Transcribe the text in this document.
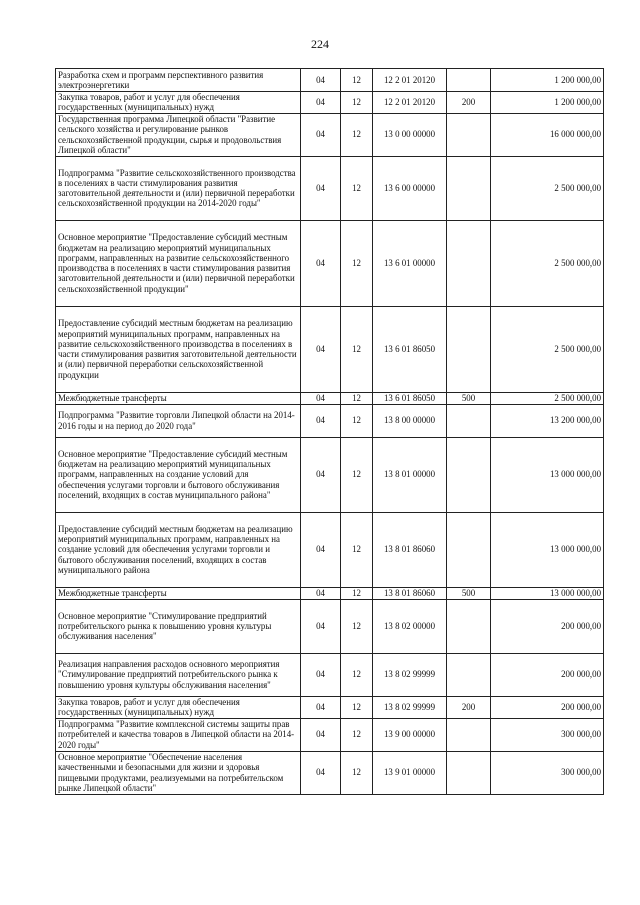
224
Разработка схем и программ перспективного развития электроэнергетики	04	12	12 2 01 20120		1 200 000,00
Закупка товаров, работ и услуг для обеспечения государственных (муниципальных) нужд	04	12	12 2 01 20120	200	1 200 000,00
Государственная программа Липецкой области "Развитие сельского хозяйства и регулирование рынков сельскохозяйственной продукции, сырья и продовольствия Липецкой области"	04	12	13 0 00 00000		16 000 000,00
Подпрограмма "Развитие сельскохозяйственного производства в поселениях в части стимулирования развития заготовительной деятельности и (или) первичной переработки сельскохозяйственной продукции на 2014-2020 годы"	04	12	13 6 00 00000		2 500 000,00
Основное мероприятие "Предоставление субсидий местным бюджетам на реализацию мероприятий муниципальных программ, направленных на развитие сельскохозяйственного производства в поселениях в части стимулирования развития заготовительной деятельности и (или) первичной переработки сельскохозяйственной продукции"	04	12	13 6 01 00000		2 500 000,00
Предоставление субсидий местным бюджетам на реализацию мероприятий муниципальных программ, направленных на развитие сельскохозяйственного производства в поселениях в части стимулирования развития заготовительной деятельности и (или) первичной переработки сельскохозяйственной продукции	04	12	13 6 01 86050		2 500 000,00
Межбюджетные трансферты	04	12	13 6 01 86050	500	2 500 000,00
Подпрограмма "Развитие торговли Липецкой области на 2014-2016 годы и на период до 2020 года"	04	12	13 8 00 00000		13 200 000,00
Основное мероприятие "Предоставление субсидий местным бюджетам на реализацию мероприятий муниципальных программ, направленных на создание условий для обеспечения услугами торговли и бытового обслуживания поселений, входящих в состав муниципального района"	04	12	13 8 01 00000		13 000 000,00
Предоставление субсидий местным бюджетам на реализацию мероприятий муниципальных программ, направленных на создание условий для обеспечения услугами торговли и бытового обслуживания поселений, входящих в состав муниципального района	04	12	13 8 01 86060		13 000 000,00
Межбюджетные трансферты	04	12	13 8 01 86060	500	13 000 000,00
Основное мероприятие "Стимулирование предприятий потребительского рынка к повышению уровня культуры обслуживания населения"	04	12	13 8 02 00000		200 000,00
Реализация направления расходов основного мероприятия "Стимулирование предприятий потребительского рынка к повышению уровня культуры обслуживания населения"	04	12	13 8 02 99999		200 000,00
Закупка товаров, работ и услуг для обеспечения государственных (муниципальных) нужд	04	12	13 8 02 99999	200	200 000,00
Подпрограмма "Развитие комплексной системы защиты прав потребителей и качества товаров в Липецкой области на 2014-2020 годы"	04	12	13 9 00 00000		300 000,00
Основное мероприятие "Обеспечение населения качественными и безопасными для жизни и здоровья пищевыми продуктами, реализуемыми на потребительском рынке Липецкой области"	04	12	13 9 01 00000		300 000,00
